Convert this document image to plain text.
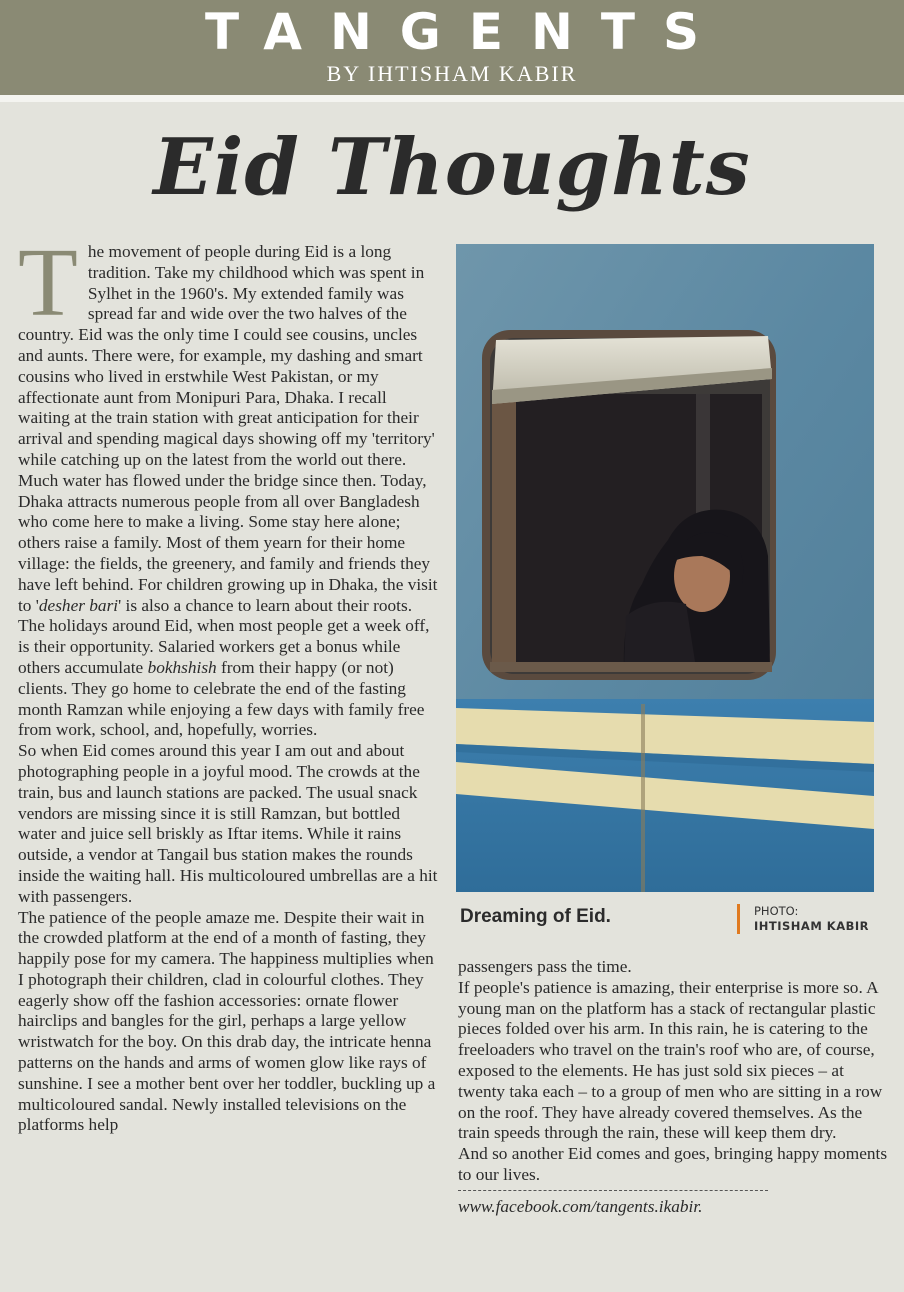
TANGENTS
BY IHTISHAM KABIR
Eid Thoughts

The movement of people during Eid is a long tradition. Take my childhood which was spent in Sylhet in the 1960's. My extended family was spread far and wide over the two halves of the country. Eid was the only time I could see cousins, uncles and aunts. There were, for example, my dashing and smart cousins who lived in erstwhile West Pakistan, or my affectionate aunt from Monipuri Para, Dhaka. I recall waiting at the train station with great anticipation for their arrival and spending magical days showing off my 'territory' while catching up on the latest from the world out there.

Much water has flowed under the bridge since then. Today, Dhaka attracts numerous people from all over Bangladesh who come here to make a living. Some stay here alone; others raise a family. Most of them yearn for their home village: the fields, the greenery, and family and friends they have left behind. For children growing up in Dhaka, the visit to 'desher bari' is also a chance to learn about their roots.

The holidays around Eid, when most people get a week off, is their opportunity. Salaried workers get a bonus while others accumulate bokhshish from their happy (or not) clients. They go home to celebrate the end of the fasting month Ramzan while enjoying a few days with family free from work, school, and, hopefully, worries.

So when Eid comes around this year I am out and about photographing people in a joyful mood. The crowds at the train, bus and launch stations are packed. The usual snack vendors are missing since it is still Ramzan, but bottled water and juice sell briskly as Iftar items. While it rains outside, a vendor at Tangail bus station makes the rounds inside the waiting hall. His multicoloured umbrellas are a hit with passengers.

The patience of the people amaze me. Despite their wait in the crowded platform at the end of a month of fasting, they happily pose for my camera. The happiness multiplies when I photograph their children, clad in colourful clothes. They eagerly show off the fashion accessories: ornate flower hairclips and bangles for the girl, perhaps a large yellow wristwatch for the boy. On this drab day, the intricate henna patterns on the hands and arms of women glow like rays of sunshine. I see a mother bent over her toddler, buckling up a multicoloured sandal. Newly installed televisions on the platforms help

Dreaming of Eid.	PHOTO:
IHTISHAM KABIR

passengers pass the time.

If people's patience is amazing, their enterprise is more so. A young man on the platform has a stack of rectangular plastic pieces folded over his arm. In this rain, he is catering to the freeloaders who travel on the train's roof who are, of course, exposed to the elements. He has just sold six pieces – at twenty taka each – to a group of men who are sitting in a row on the roof. They have already covered themselves. As the train speeds through the rain, these will keep them dry.

And so another Eid comes and goes, bringing happy moments to our lives.

www.facebook.com/tangents.ikabir.
